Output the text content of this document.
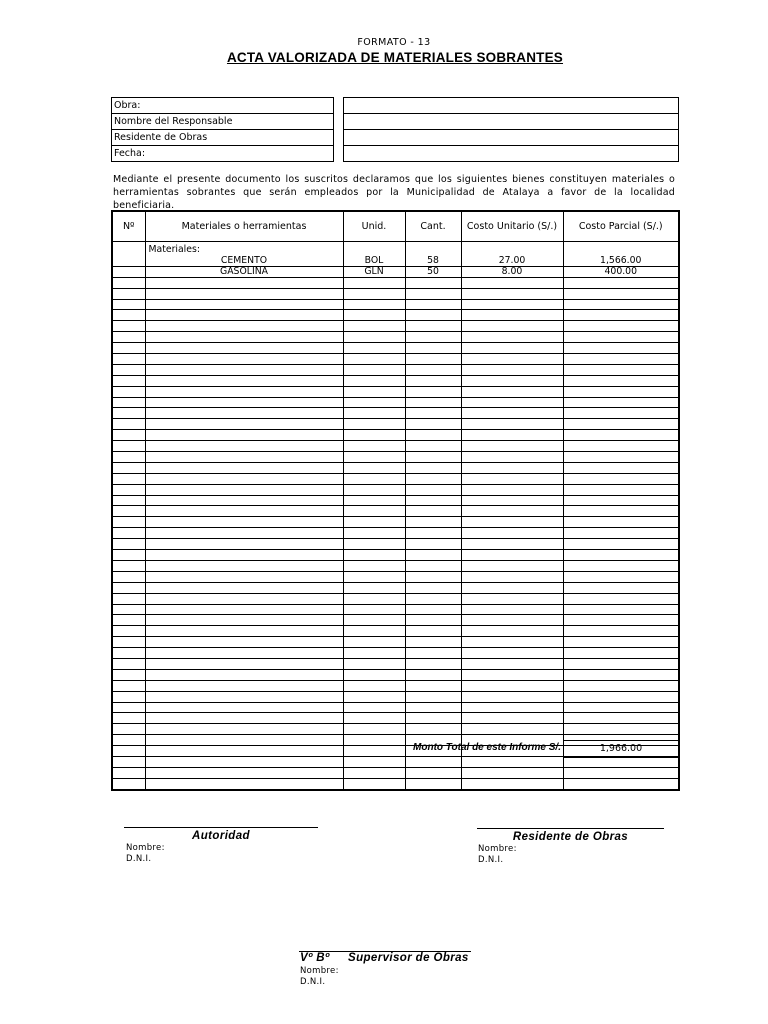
FORMATO - 13
ACTA VALORIZADA DE MATERIALES SOBRANTES
Obra:
Nombre del Responsable
Residente de Obras
Fecha:

Mediante el presente documento los suscritos declaramos que los siguientes bienes constituyen materiales o herramientas sobrantes que serán empleados por la Municipalidad de Atalaya a favor de la localidad beneficiaria.
Nº	Materiales o herramientas	Unid.	Cant.	Costo Unitario (S/.)	Costo Parcial (S/.)
	Materiales:				
	CEMENTO	BOL	58	27.00	1,566.00
	GASOLINA	GLN	50	8.00	400.00

Monto Total de este Informe S/.	1,966.00
Autoridad
Nombre:
D.N.I.
Residente de Obras
Nombre:
D.N.I.
Vº Bº Supervisor de Obras
Nombre:
D.N.I.
